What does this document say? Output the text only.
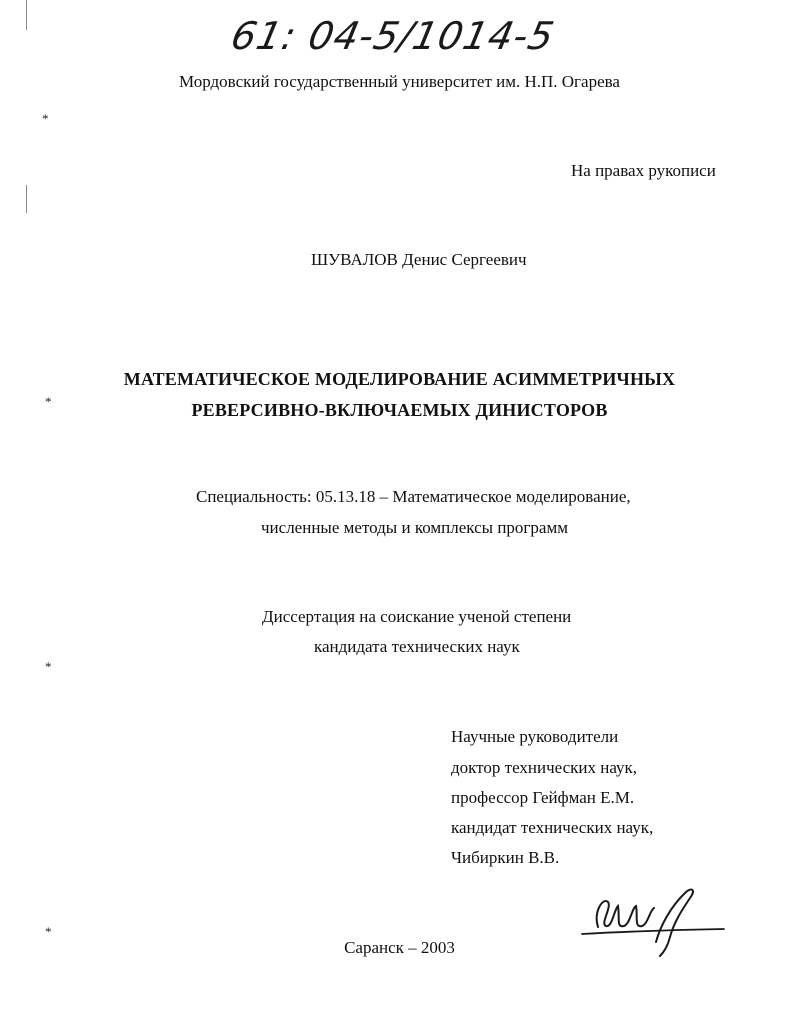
*
*
*
*
61: 04-5/1014-5
Мордовский государственный университет им. Н.П. Огарева
На правах рукописи
ШУВАЛОВ Денис Сергеевич
МАТЕМАТИЧЕСКОЕ МОДЕЛИРОВАНИЕ АСИММЕТРИЧНЫХ
РЕВЕРСИВНО-ВКЛЮЧАЕМЫХ ДИНИСТОРОВ
Специальность: 05.13.18 – Математическое моделирование,
численные методы и комплексы программ
Диссертация на соискание ученой степени
кандидата технических наук
Научные руководители
доктор технических наук,
профессор Гейфман Е.М.
кандидат технических наук,
Чибиркин В.В.
Саранск – 2003
